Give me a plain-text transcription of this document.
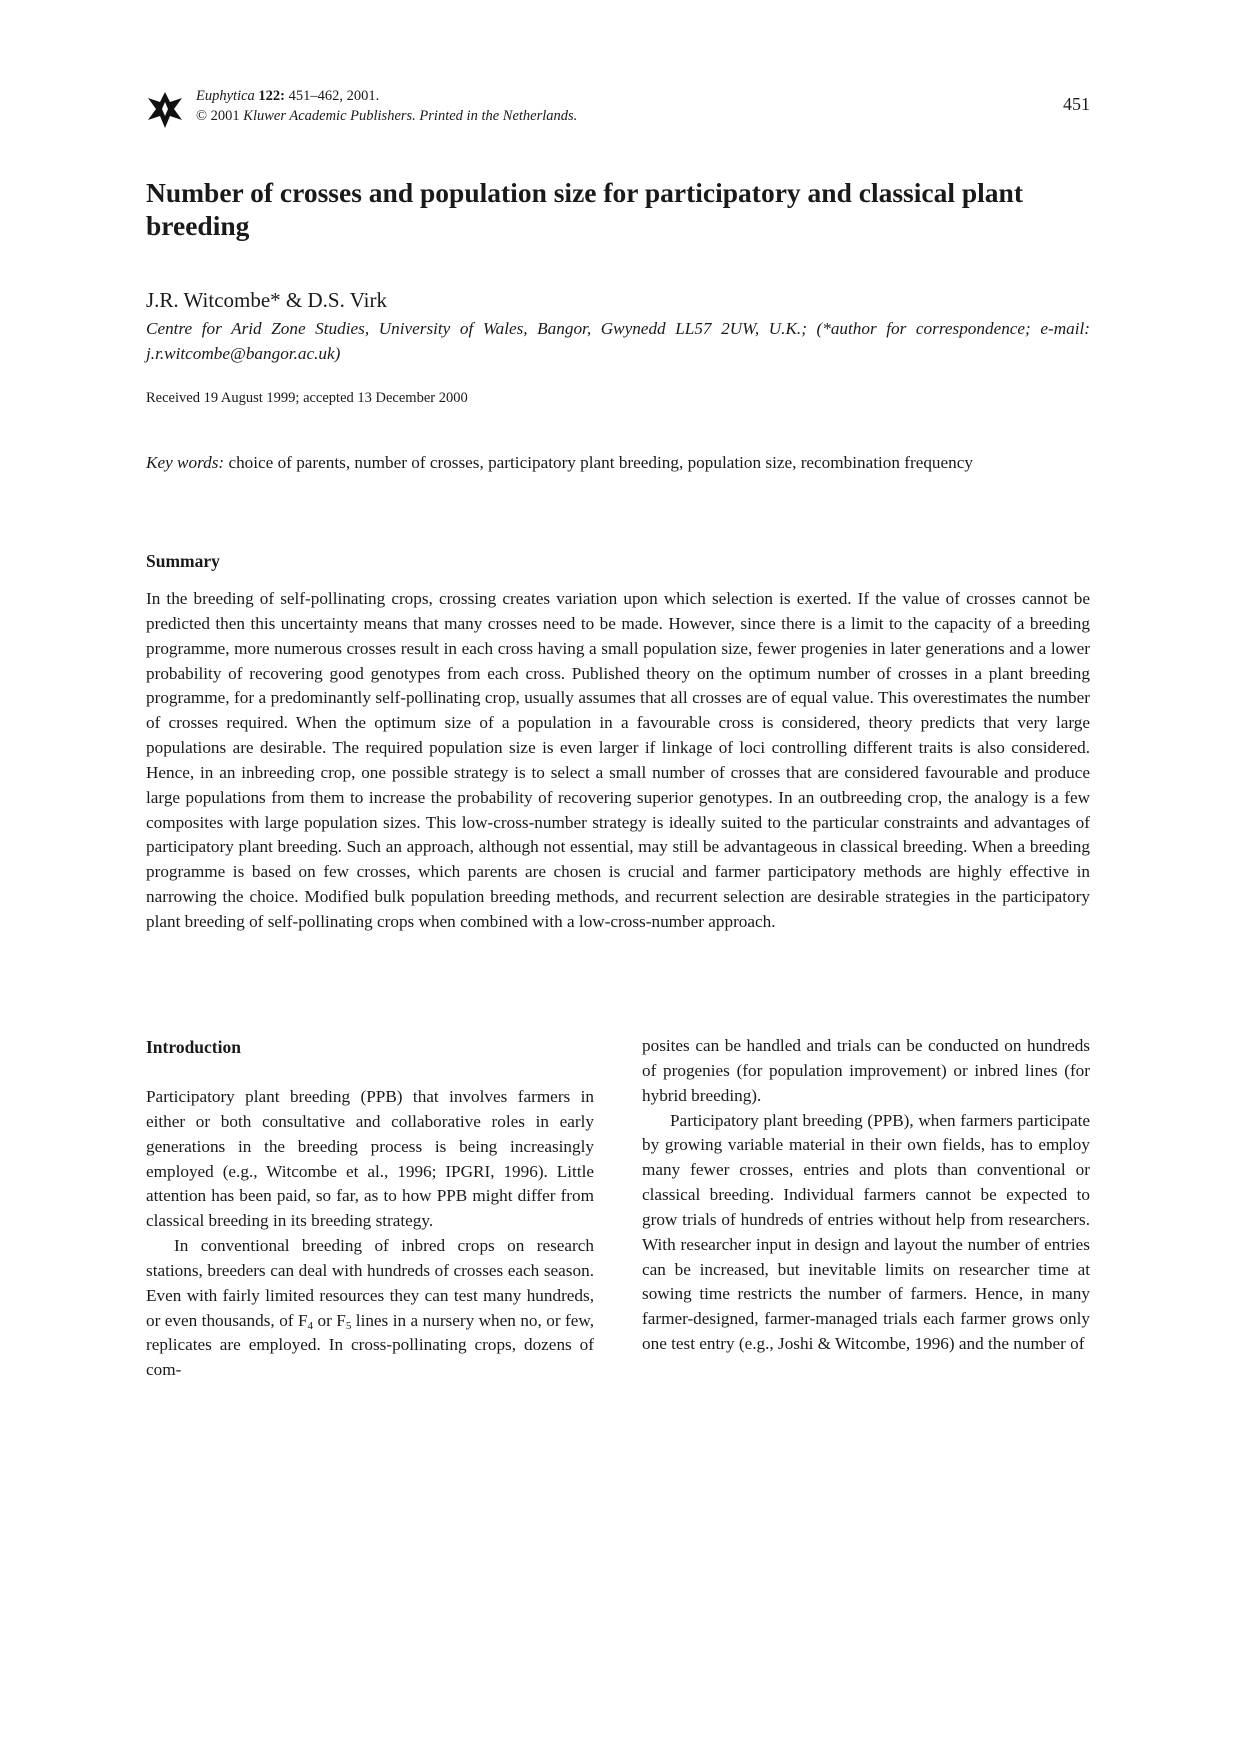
Euphytica 122: 451–462, 2001.
© 2001 Kluwer Academic Publishers. Printed in the Netherlands.
451
Number of crosses and population size for participatory and classical plant breeding
J.R. Witcombe* & D.S. Virk
Centre for Arid Zone Studies, University of Wales, Bangor, Gwynedd LL57 2UW, U.K.; (*author for correspondence; e-mail: j.r.witcombe@bangor.ac.uk)
Received 19 August 1999; accepted 13 December 2000
Key words: choice of parents, number of crosses, participatory plant breeding, population size, recombination frequency
Summary

In the breeding of self-pollinating crops, crossing creates variation upon which selection is exerted. If the value of crosses cannot be predicted then this uncertainty means that many crosses need to be made. However, since there is a limit to the capacity of a breeding programme, more numerous crosses result in each cross having a small population size, fewer progenies in later generations and a lower probability of recovering good genotypes from each cross. Published theory on the optimum number of crosses in a plant breeding programme, for a predominantly self-pollinating crop, usually assumes that all crosses are of equal value. This overestimates the number of crosses required. When the optimum size of a population in a favourable cross is considered, theory predicts that very large populations are desirable. The required population size is even larger if linkage of loci controlling different traits is also considered. Hence, in an inbreeding crop, one possible strategy is to select a small number of crosses that are considered favourable and produce large populations from them to increase the probability of recovering superior genotypes. In an outbreeding crop, the analogy is a few composites with large population sizes. This low-cross-number strategy is ideally suited to the particular constraints and advantages of participatory plant breeding. Such an approach, although not essential, may still be advantageous in classical breeding. When a breeding programme is based on few crosses, which parents are chosen is crucial and farmer participatory methods are highly effective in narrowing the choice. Modified bulk population breeding methods, and recurrent selection are desirable strategies in the participatory plant breeding of self-pollinating crops when combined with a low-cross-number approach.

Introduction

Participatory plant breeding (PPB) that involves farmers in either or both consultative and collaborative roles in early generations in the breeding process is being increasingly employed (e.g., Witcombe et al., 1996; IPGRI, 1996). Little attention has been paid, so far, as to how PPB might differ from classical breeding in its breeding strategy.

In conventional breeding of inbred crops on research stations, breeders can deal with hundreds of crosses each season. Even with fairly limited resources they can test many hundreds, or even thousands, of $F_4$ or $F_5$ lines in a nursery when no, or few, replicates are employed. In cross-pollinating crops, dozens of com-

posites can be handled and trials can be conducted on hundreds of progenies (for population improvement) or inbred lines (for hybrid breeding).

Participatory plant breeding (PPB), when farmers participate by growing variable material in their own fields, has to employ many fewer crosses, entries and plots than conventional or classical breeding. Individual farmers cannot be expected to grow trials of hundreds of entries without help from researchers. With researcher input in design and layout the number of entries can be increased, but inevitable limits on researcher time at sowing time restricts the number of farmers. Hence, in many farmer-designed, farmer-managed trials each farmer grows only one test entry (e.g., Joshi & Witcombe, 1996) and the number of
